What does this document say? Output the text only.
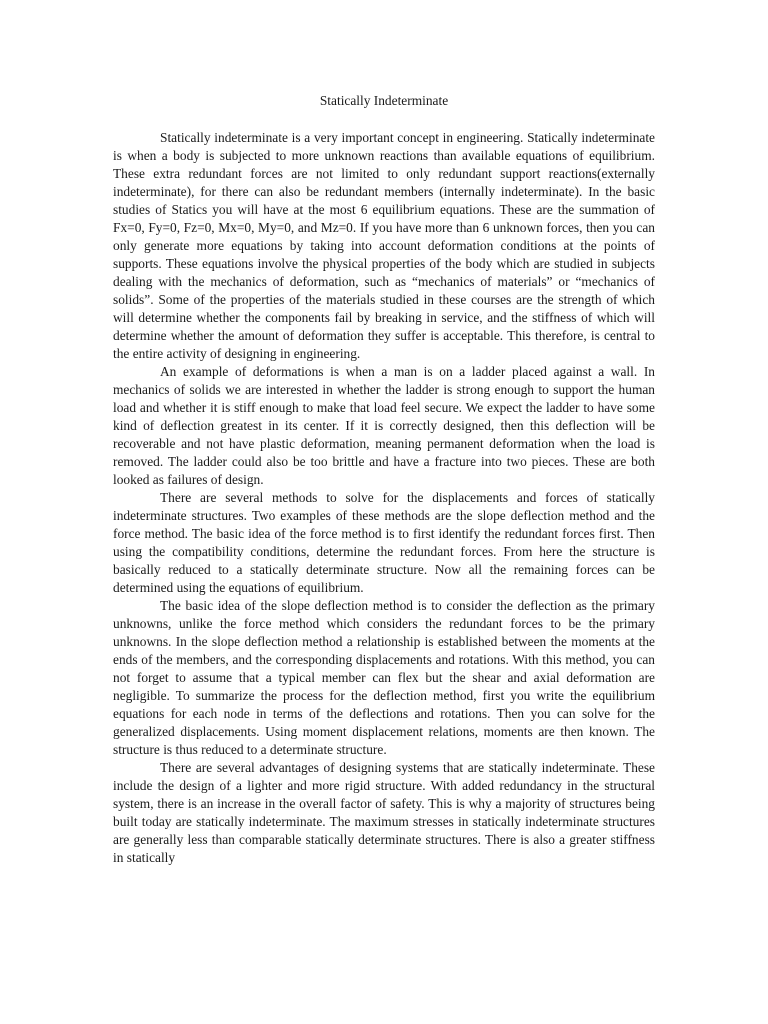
Statically Indeterminate

Statically indeterminate is a very important concept in engineering. Statically indeterminate is when a body is subjected to more unknown reactions than available equations of equilibrium. These extra redundant forces are not limited to only redundant support reactions(externally indeterminate), for there can also be redundant members (internally indeterminate). In the basic studies of Statics you will have at the most 6 equilibrium equations. These are the summation of Fx=0, Fy=0, Fz=0, Mx=0, My=0, and Mz=0. If you have more than 6 unknown forces, then you can only generate more equations by taking into account deformation conditions at the points of supports. These equations involve the physical properties of the body which are studied in subjects dealing with the mechanics of deformation, such as “mechanics of materials” or “mechanics of solids”. Some of the properties of the materials studied in these courses are the strength of which will determine whether the components fail by breaking in service, and the stiffness of which will determine whether the amount of deformation they suffer is acceptable. This therefore, is central to the entire activity of designing in engineering.

An example of deformations is when a man is on a ladder placed against a wall. In mechanics of solids we are interested in whether the ladder is strong enough to support the human load and whether it is stiff enough to make that load feel secure. We expect the ladder to have some kind of deflection greatest in its center. If it is correctly designed, then this deflection will be recoverable and not have plastic deformation, meaning permanent deformation when the load is removed. The ladder could also be too brittle and have a fracture into two pieces. These are both looked as failures of design.

There are several methods to solve for the displacements and forces of statically indeterminate structures. Two examples of these methods are the slope deflection method and the force method. The basic idea of the force method is to first identify the redundant forces first. Then using the compatibility conditions, determine the redundant forces. From here the structure is basically reduced to a statically determinate structure. Now all the remaining forces can be determined using the equations of equilibrium.

The basic idea of the slope deflection method is to consider the deflection as the primary unknowns, unlike the force method which considers the redundant forces to be the primary unknowns. In the slope deflection method a relationship is established between the moments at the ends of the members, and the corresponding displacements and rotations. With this method, you can not forget to assume that a typical member can flex but the shear and axial deformation are negligible. To summarize the process for the deflection method, first you write the equilibrium equations for each node in terms of the deflections and rotations. Then you can solve for the generalized displacements. Using moment displacement relations, moments are then known. The structure is thus reduced to a determinate structure.

There are several advantages of designing systems that are statically indeterminate. These include the design of a lighter and more rigid structure. With added redundancy in the structural system, there is an increase in the overall factor of safety. This is why a majority of structures being built today are statically indeterminate. The maximum stresses in statically indeterminate structures are generally less than comparable statically determinate structures. There is also a greater stiffness in statically
